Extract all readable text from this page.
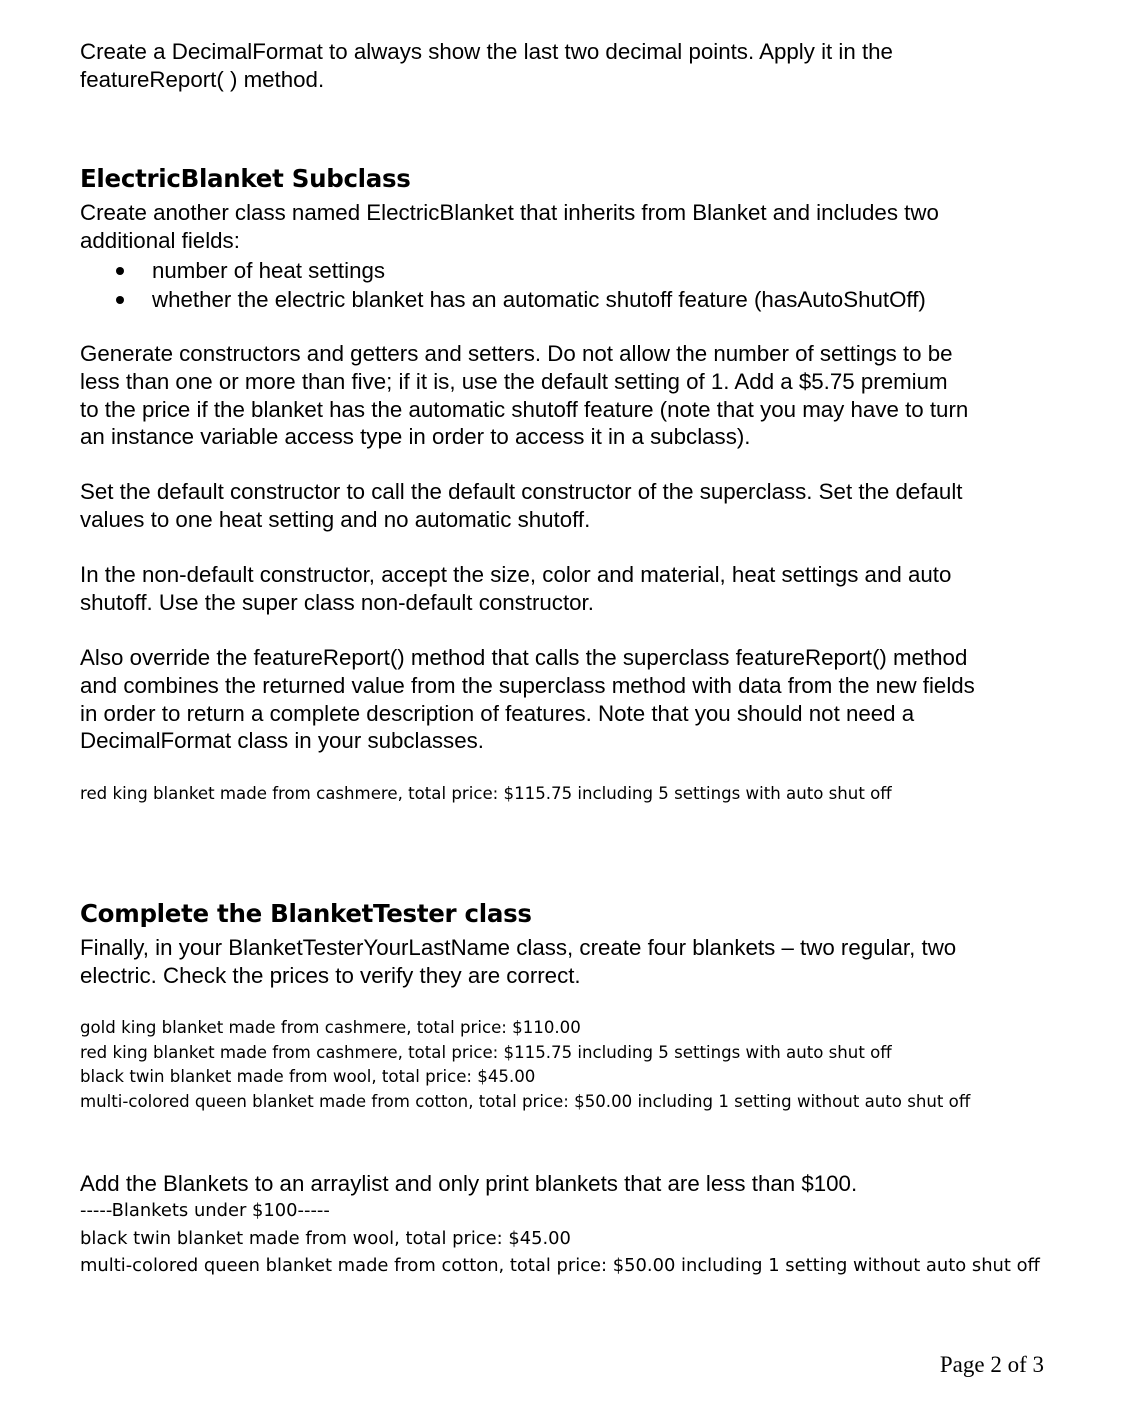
Create a DecimalFormat to always show the last two decimal points. Apply it in the
featureReport( ) method.
ElectricBlanket Subclass
Create another class named ElectricBlanket that inherits from Blanket and includes two
additional fields:
number of heat settings
whether the electric blanket has an automatic shutoff feature (hasAutoShutOff)
Generate constructors and getters and setters. Do not allow the number of settings to be
less than one or more than five; if it is, use the default setting of 1. Add a $5.75 premium
to the price if the blanket has the automatic shutoff feature (note that you may have to turn
an instance variable access type in order to access it in a subclass).
Set the default constructor to call the default constructor of the superclass. Set the default
values to one heat setting and no automatic shutoff.
In the non-default constructor, accept the size, color and material, heat settings and auto
shutoff. Use the super class non-default constructor.
Also override the featureReport() method that calls the superclass featureReport() method
and combines the returned value from the superclass method with data from the new fields
in order to return a complete description of features. Note that you should not need a
DecimalFormat class in your subclasses.
red king blanket made from cashmere, total price: $115.75 including 5 settings with auto shut off
Complete the BlanketTester class
Finally, in your BlanketTesterYourLastName class, create four blankets – two regular, two
electric. Check the prices to verify they are correct.
gold king blanket made from cashmere, total price: $110.00
red king blanket made from cashmere, total price: $115.75 including 5 settings with auto shut off
black twin blanket made from wool, total price: $45.00
multi-colored queen blanket made from cotton, total price: $50.00 including 1 setting without auto shut off
Add the Blankets to an arraylist and only print blankets that are less than $100.
-----Blankets under $100-----
black twin blanket made from wool, total price: $45.00
multi-colored queen blanket made from cotton, total price: $50.00 including 1 setting without auto shut off
Page 2 of 3
